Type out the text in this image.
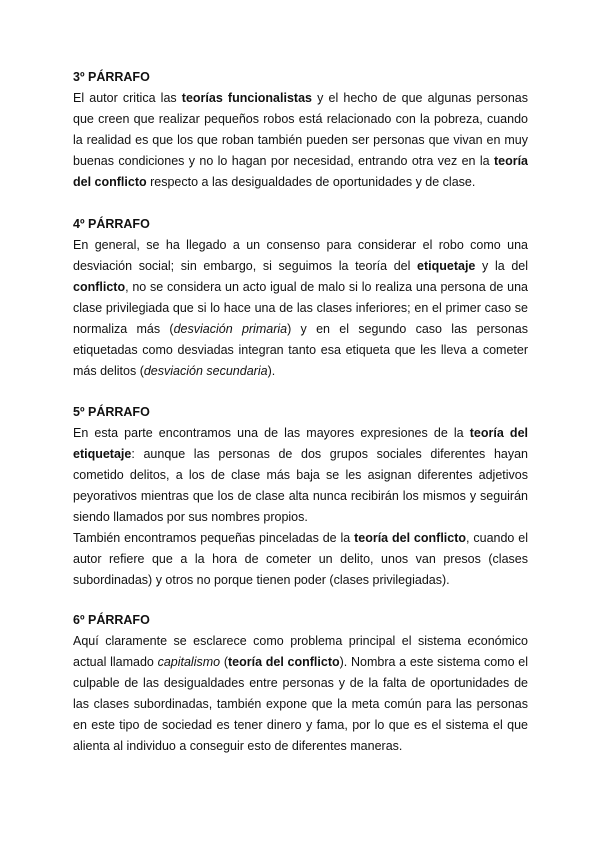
3º PÁRRAFO

El autor critica las teorías funcionalistas y el hecho de que algunas personas que creen que realizar pequeños robos está relacionado con la pobreza, cuando la realidad es que los que roban también pueden ser personas que vivan en muy buenas condiciones y no lo hagan por necesidad, entrando otra vez en la teoría del conflicto respecto a las desigualdades de oportunidades y de clase.

4º PÁRRAFO

En general, se ha llegado a un consenso para considerar el robo como una desviación social; sin embargo, si seguimos la teoría del etiquetaje y la del conflicto, no se considera un acto igual de malo si lo realiza una persona de una clase privilegiada que si lo hace una de las clases inferiores; en el primer caso se normaliza más (desviación primaria) y en el segundo caso las personas etiquetadas como desviadas integran tanto esa etiqueta que les lleva a cometer más delitos (desviación secundaria).

5º PÁRRAFO

En esta parte encontramos una de las mayores expresiones de la teoría del etiquetaje: aunque las personas de dos grupos sociales diferentes hayan cometido delitos, a los de clase más baja se les asignan diferentes adjetivos peyorativos mientras que los de clase alta nunca recibirán los mismos y seguirán siendo llamados por sus nombres propios.

También encontramos pequeñas pinceladas de la teoría del conflicto, cuando el autor refiere que a la hora de cometer un delito, unos van presos (clases subordinadas) y otros no porque tienen poder (clases privilegiadas).

6º PÁRRAFO

Aquí claramente se esclarece como problema principal el sistema económico actual llamado capitalismo (teoría del conflicto). Nombra a este sistema como el culpable de las desigualdades entre personas y de la falta de oportunidades de las clases subordinadas, también expone que la meta común para las personas en este tipo de sociedad es tener dinero y fama, por lo que es el sistema el que alienta al individuo a conseguir esto de diferentes maneras.
